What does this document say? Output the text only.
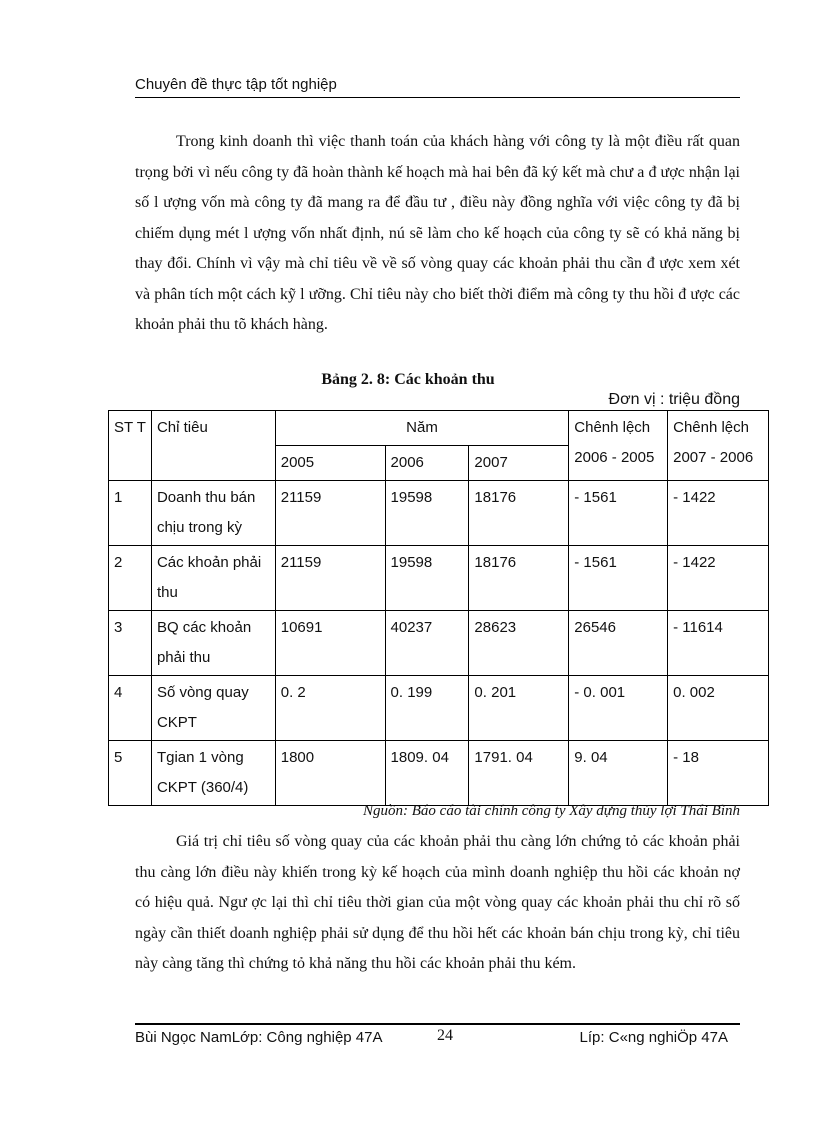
Chuyên đề thực tập tốt nghiệp
Trong kinh doanh thì việc thanh toán của khách hàng với công ty là một điều rất quan trọng bởi vì nếu công ty đã hoàn thành kế hoạch mà hai bên đã ký kết mà chư a đ ược nhận lại số l ượng vốn mà công ty đã mang ra để đầu tư , điều này đồng nghĩa với việc công ty đã bị chiếm dụng mét l ượng vốn nhất định, nú sẽ làm cho kế hoạch của công ty sẽ có khả năng bị thay đổi. Chính vì vậy mà chỉ tiêu về về số vòng quay các khoản phải thu cần đ ược xem xét và phân tích một cách kỹ l ưỡng. Chỉ tiêu này cho biết thời điểm mà công ty thu hồi đ ược các khoản phải thu tõ khách hàng.
Bảng 2. 8: Các khoản thu
Đơn vị : triệu đồng
ST T	Chỉ tiêu	Năm			Chênh lệch 2006 - 2005	Chênh lệch 2007 - 2006
		2005	2006	2007		
1	Doanh thu bán chịu trong kỳ	21159	19598	18176	- 1561	- 1422
2	Các khoản phải thu	21159	19598	18176	- 1561	- 1422
3	BQ các khoản phải thu	10691	40237	28623	26546	- 11614
4	Số vòng quay CKPT	0. 2	0. 199	0. 201	- 0. 001	0. 002
5	Tgian 1 vòng CKPT (360/4)	1800	1809. 04	1791. 04	9. 04	- 18
Nguồn: Báo cáo tài chính công ty Xây dựng thủy lợi Thái Bình
Giá trị chỉ tiêu số vòng quay của các khoản phải thu càng lớn chứng tỏ các khoản phải thu càng lớn điều này khiến trong kỳ kế hoạch của mình doanh nghiệp thu hồi các khoản nợ có hiệu quả. Ngư ợc lại thì chỉ tiêu thời gian của một vòng quay các khoản phải thu chỉ rõ số ngày cần thiết doanh nghiệp phải sử dụng để thu hồi hết các khoản bán chịu trong kỳ, chỉ tiêu này càng tăng thì chứng tỏ khả năng thu hồi các khoản phải thu kém.
Bùi Ngọc NamLớp: Công nghiệp 47A	24	Líp: C«ng nghiÖp 47A
